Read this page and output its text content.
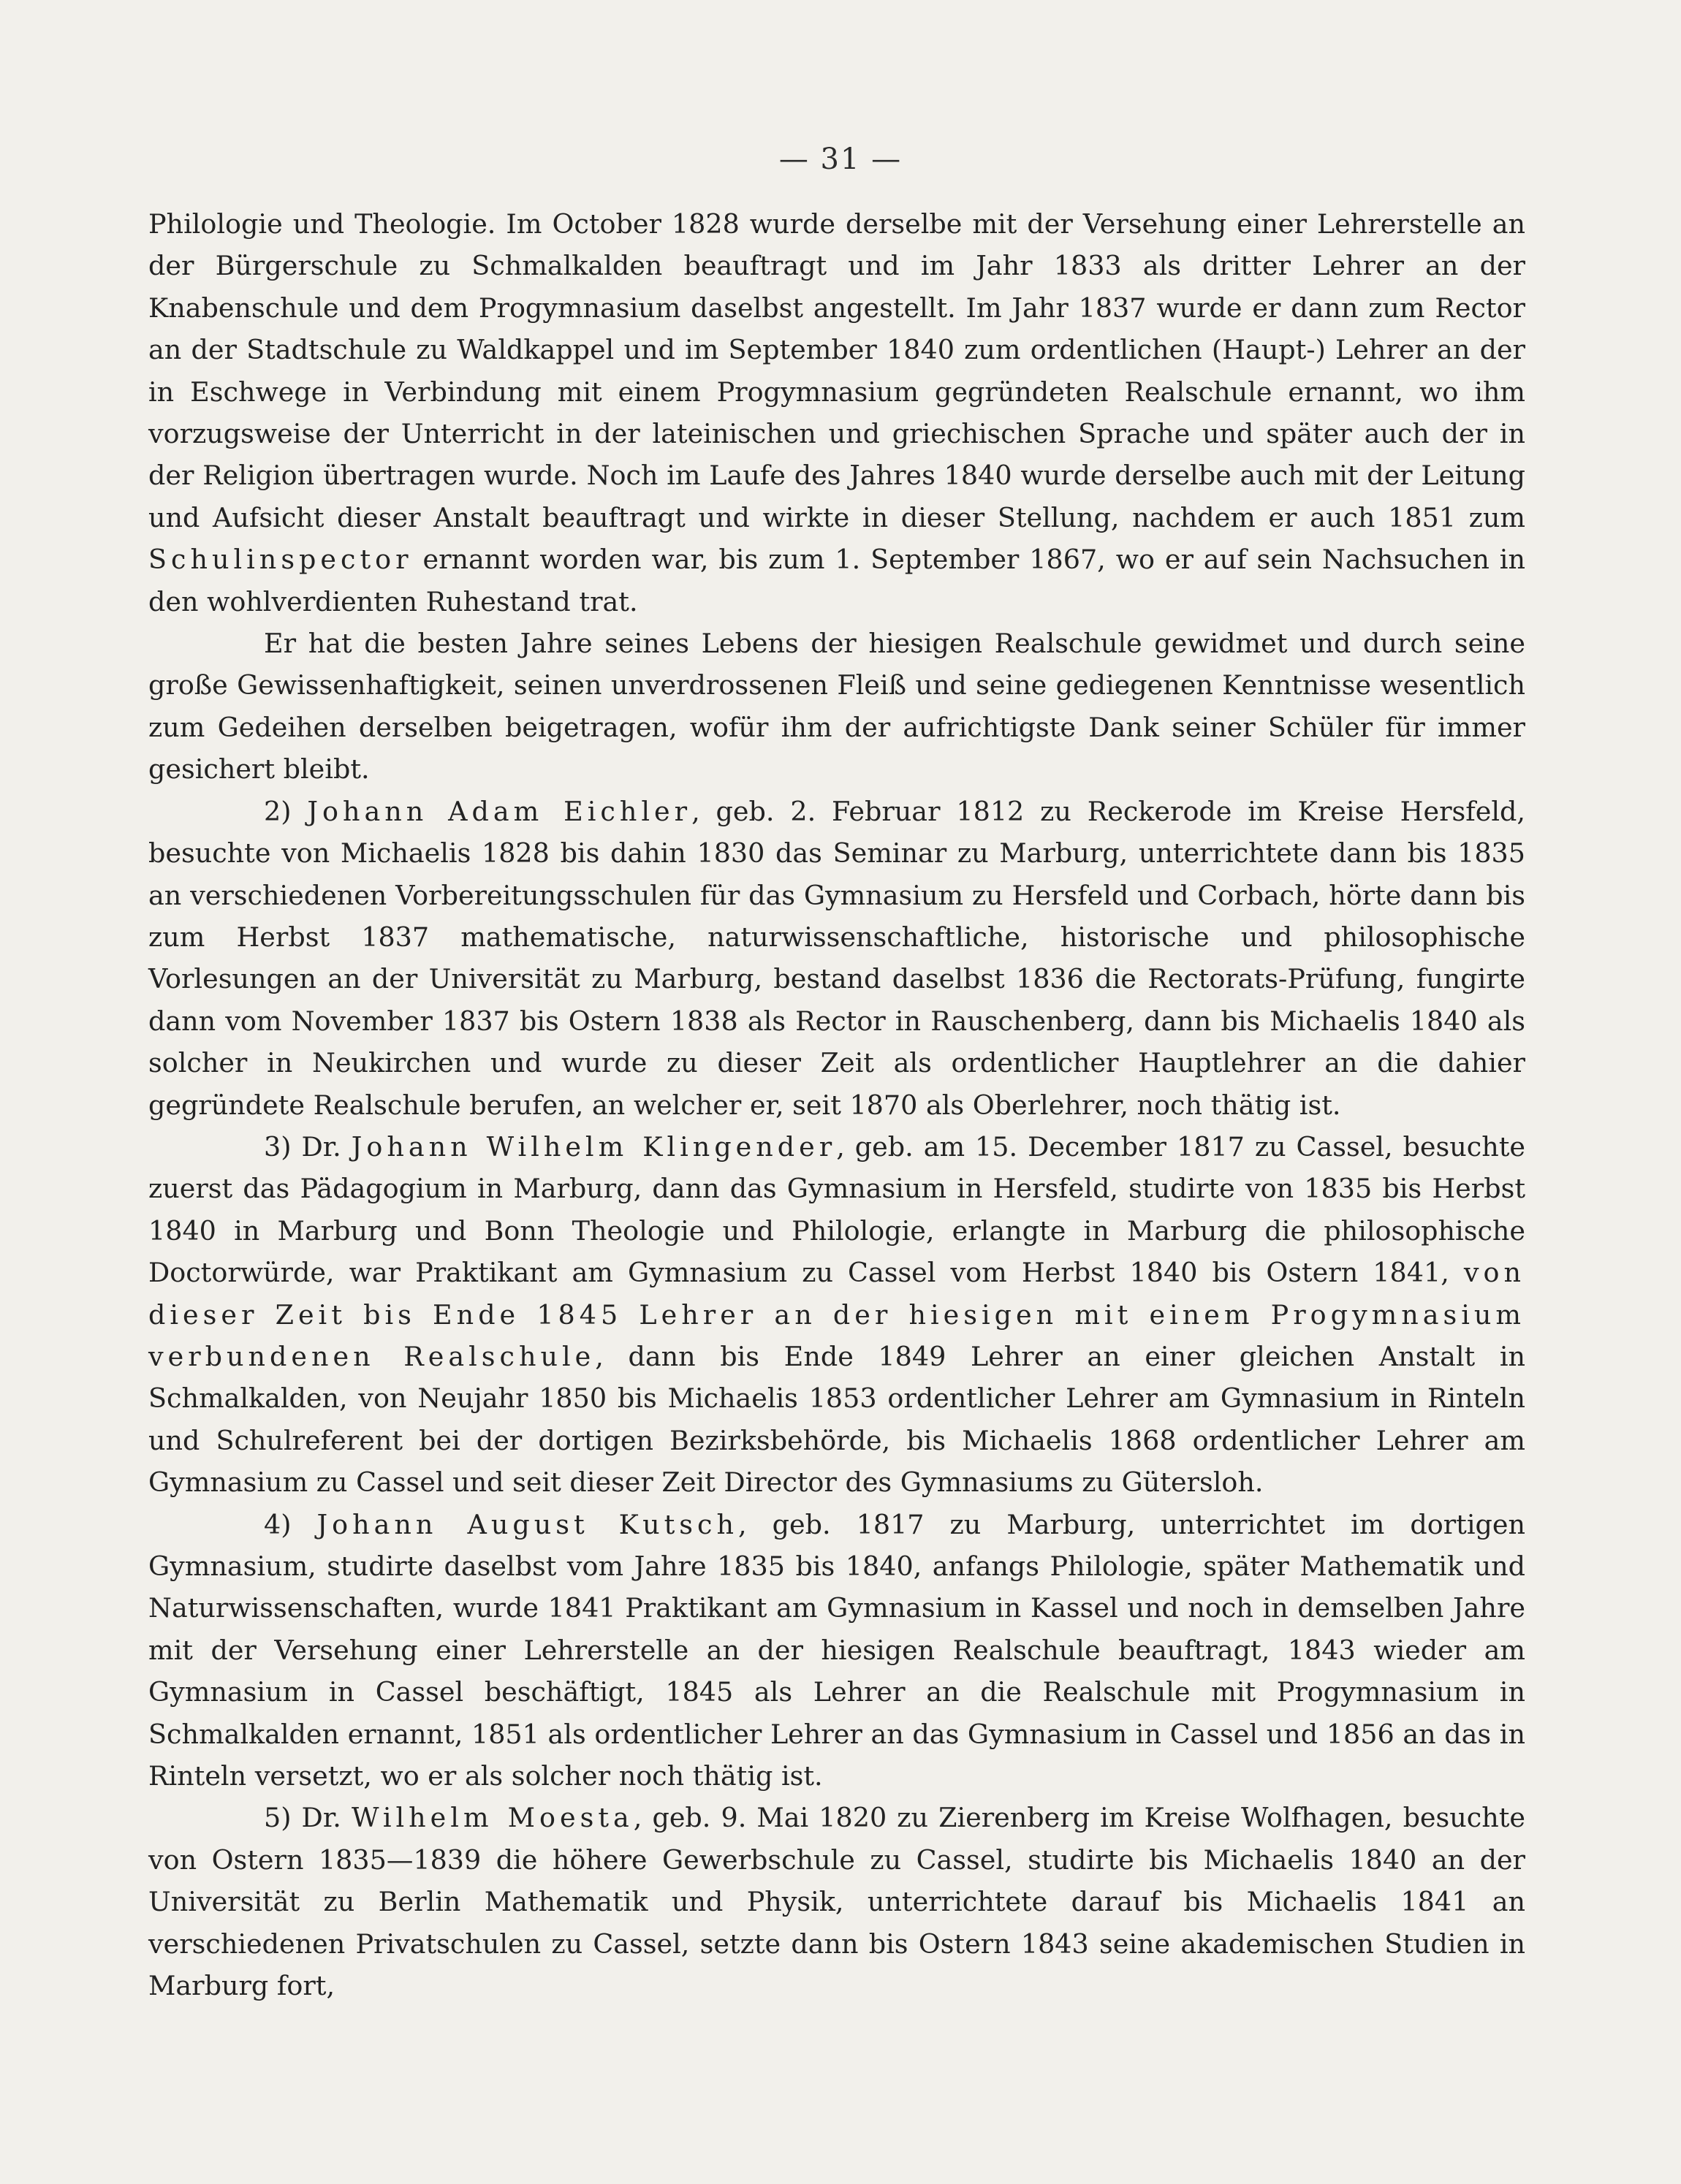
— 31 —

Philologie und Theologie. Im October 1828 wurde derselbe mit der Versehung einer Lehrerstelle an der Bürgerschule zu Schmalkalden beauftragt und im Jahr 1833 als dritter Lehrer an der Knabenschule und dem Progymnasium daselbst angestellt. Im Jahr 1837 wurde er dann zum Rector an der Stadtschule zu Waldkappel und im September 1840 zum ordentlichen (Haupt-) Lehrer an der in Eschwege in Verbindung mit einem Progymnasium gegründeten Realschule ernannt, wo ihm vorzugsweise der Unterricht in der lateinischen und griechischen Sprache und später auch der in der Religion übertragen wurde. Noch im Laufe des Jahres 1840 wurde derselbe auch mit der Leitung und Aufsicht dieser Anstalt beauftragt und wirkte in dieser Stellung, nachdem er auch 1851 zum Schulinspector ernannt worden war, bis zum 1. September 1867, wo er auf sein Nachsuchen in den wohlverdienten Ruhestand trat.

Er hat die besten Jahre seines Lebens der hiesigen Realschule gewidmet und durch seine große Gewissenhaftigkeit, seinen unverdrossenen Fleiß und seine gediegenen Kenntnisse wesentlich zum Gedeihen derselben beigetragen, wofür ihm der aufrichtigste Dank seiner Schüler für immer gesichert bleibt.

2) Johann Adam Eichler, geb. 2. Februar 1812 zu Reckerode im Kreise Hersfeld, besuchte von Michaelis 1828 bis dahin 1830 das Seminar zu Marburg, unterrichtete dann bis 1835 an verschiedenen Vorbereitungsschulen für das Gymnasium zu Hersfeld und Corbach, hörte dann bis zum Herbst 1837 mathematische, naturwissenschaftliche, historische und philosophische Vorlesungen an der Universität zu Marburg, bestand daselbst 1836 die Rectorats-Prüfung, fungirte dann vom November 1837 bis Ostern 1838 als Rector in Rauschenberg, dann bis Michaelis 1840 als solcher in Neukirchen und wurde zu dieser Zeit als ordentlicher Hauptlehrer an die dahier gegründete Realschule berufen, an welcher er, seit 1870 als Oberlehrer, noch thätig ist.

3) Dr. Johann Wilhelm Klingender, geb. am 15. December 1817 zu Cassel, besuchte zuerst das Pädagogium in Marburg, dann das Gymnasium in Hersfeld, studirte von 1835 bis Herbst 1840 in Marburg und Bonn Theologie und Philologie, erlangte in Marburg die philosophische Doctorwürde, war Praktikant am Gymnasium zu Cassel vom Herbst 1840 bis Ostern 1841, von dieser Zeit bis Ende 1845 Lehrer an der hiesigen mit einem Progymnasium verbundenen Realschule, dann bis Ende 1849 Lehrer an einer gleichen Anstalt in Schmalkalden, von Neujahr 1850 bis Michaelis 1853 ordentlicher Lehrer am Gymnasium in Rinteln und Schulreferent bei der dortigen Bezirksbehörde, bis Michaelis 1868 ordentlicher Lehrer am Gymnasium zu Cassel und seit dieser Zeit Director des Gymnasiums zu Gütersloh.

4) Johann August Kutsch, geb. 1817 zu Marburg, unterrichtet im dortigen Gymnasium, studirte daselbst vom Jahre 1835 bis 1840, anfangs Philologie, später Mathematik und Naturwissenschaften, wurde 1841 Praktikant am Gymnasium in Kassel und noch in demselben Jahre mit der Versehung einer Lehrerstelle an der hiesigen Realschule beauftragt, 1843 wieder am Gymnasium in Cassel beschäftigt, 1845 als Lehrer an die Realschule mit Progymnasium in Schmalkalden ernannt, 1851 als ordentlicher Lehrer an das Gymnasium in Cassel und 1856 an das in Rinteln versetzt, wo er als solcher noch thätig ist.

5) Dr. Wilhelm Moesta, geb. 9. Mai 1820 zu Zierenberg im Kreise Wolfhagen, besuchte von Ostern 1835—1839 die höhere Gewerbschule zu Cassel, studirte bis Michaelis 1840 an der Universität zu Berlin Mathematik und Physik, unterrichtete darauf bis Michaelis 1841 an verschiedenen Privatschulen zu Cassel, setzte dann bis Ostern 1843 seine akademischen Studien in Marburg fort,
